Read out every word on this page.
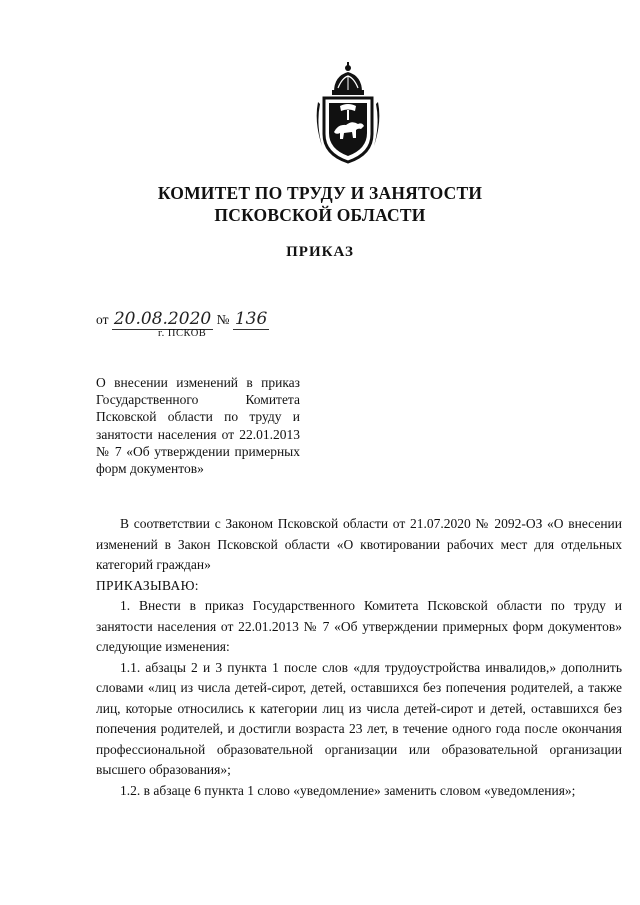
КОМИТЕТ ПО ТРУДУ И ЗАНЯТОСТИ
ПСКОВСКОЙ ОБЛАСТИ
ПРИКАЗ
от 20.08.2020 № 136
г. ПСКОВ
О внесении изменений в приказ Государственного Комитета Псковской области по труду и занятости населения от 22.01.2013 № 7 «Об утверждении примерных форм документов»

В соответствии с Законом Псковской области от 21.07.2020 № 2092-ОЗ «О внесении изменений в Закон Псковской области «О квотировании рабочих мест для отдельных категорий граждан»

ПРИКАЗЫВАЮ:

1. Внести в приказ Государственного Комитета Псковской области по труду и занятости населения от 22.01.2013 № 7 «Об утверждении примерных форм документов» следующие изменения:

1.1. абзацы 2 и 3 пункта 1 после слов «для трудоустройства инвалидов,» дополнить словами «лиц из числа детей-сирот, детей, оставшихся без попечения родителей, а также лиц, которые относились к категории лиц из числа детей-сирот и детей, оставшихся без попечения родителей, и достигли возраста 23 лет, в течение одного года после окончания профессиональной образовательной организации или образовательной организации высшего образования»;

1.2. в абзаце 6 пункта 1 слово «уведомление» заменить словом «уведомления»;
